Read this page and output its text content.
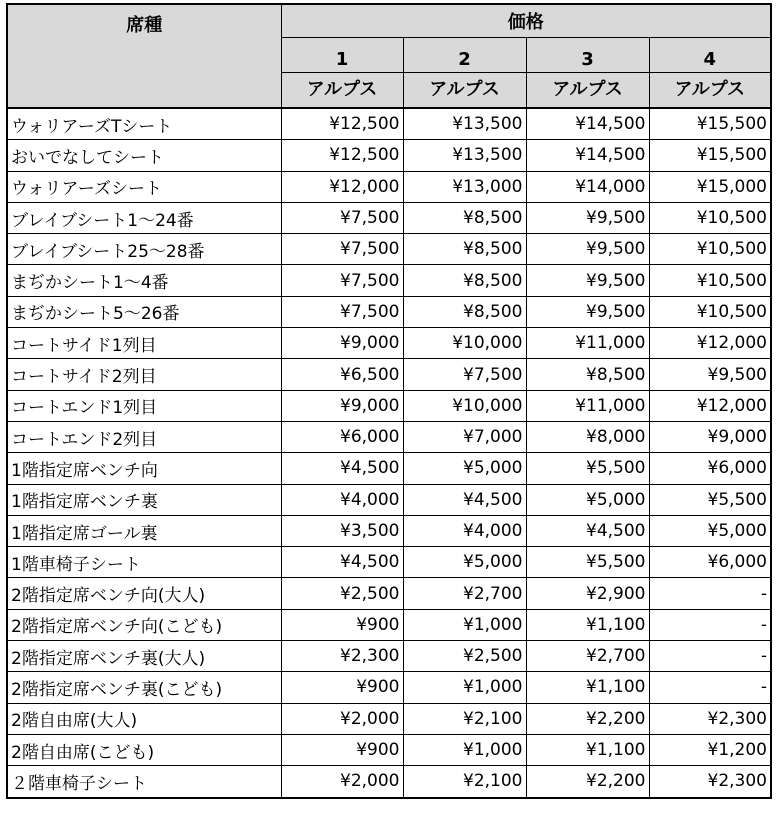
席種	価格			
	1	2	3	4
	アルプス	アルプス	アルプス	アルプス
ウォリアーズTシート	¥12,500	¥13,500	¥14,500	¥15,500
おいでなしてシート	¥12,500	¥13,500	¥14,500	¥15,500
ウォリアーズシート	¥12,000	¥13,000	¥14,000	¥15,000
ブレイブシート1～24番	¥7,500	¥8,500	¥9,500	¥10,500
ブレイブシート25～28番	¥7,500	¥8,500	¥9,500	¥10,500
まぢかシート1～4番	¥7,500	¥8,500	¥9,500	¥10,500
まぢかシート5～26番	¥7,500	¥8,500	¥9,500	¥10,500
コートサイド1列目	¥9,000	¥10,000	¥11,000	¥12,000
コートサイド2列目	¥6,500	¥7,500	¥8,500	¥9,500
コートエンド1列目	¥9,000	¥10,000	¥11,000	¥12,000
コートエンド2列目	¥6,000	¥7,000	¥8,000	¥9,000
1階指定席ベンチ向	¥4,500	¥5,000	¥5,500	¥6,000
1階指定席ベンチ裏	¥4,000	¥4,500	¥5,000	¥5,500
1階指定席ゴール裏	¥3,500	¥4,000	¥4,500	¥5,000
1階車椅子シート	¥4,500	¥5,000	¥5,500	¥6,000
2階指定席ベンチ向(大人)	¥2,500	¥2,700	¥2,900	-
2階指定席ベンチ向(こども)	¥900	¥1,000	¥1,100	-
2階指定席ベンチ裏(大人)	¥2,300	¥2,500	¥2,700	-
2階指定席ベンチ裏(こども)	¥900	¥1,000	¥1,100	-
2階自由席(大人)	¥2,000	¥2,100	¥2,200	¥2,300
2階自由席(こども)	¥900	¥1,000	¥1,100	¥1,200
２階車椅子シート	¥2,000	¥2,100	¥2,200	¥2,300
